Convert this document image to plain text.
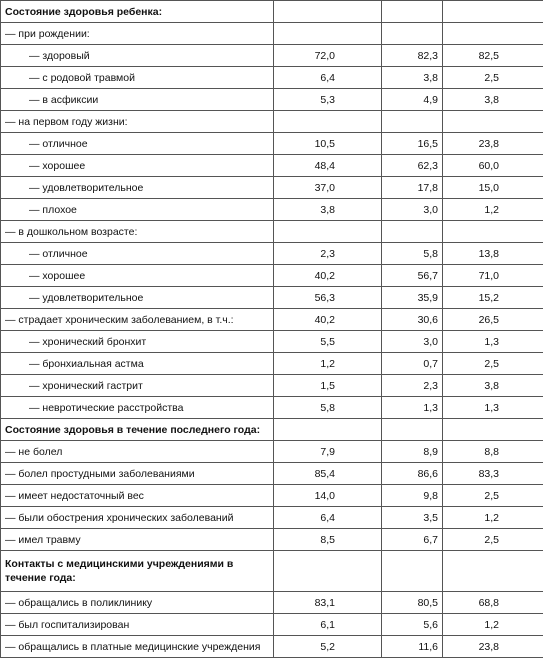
Состояние здоровья ребенка:			
— при рождении:			
— здоровый	72,0	82,3	82,5
— с родовой травмой	6,4	3,8	2,5
— в асфиксии	5,3	4,9	3,8
— на первом году жизни:			
— отличное	10,5	16,5	23,8
— хорошее	48,4	62,3	60,0
— удовлетворительное	37,0	17,8	15,0
— плохое	3,8	3,0	1,2
— в дошкольном возрасте:			
— отличное	2,3	5,8	13,8
— хорошее	40,2	56,7	71,0
— удовлетворительное	56,3	35,9	15,2
— страдает хроническим заболеванием, в т.ч.:	40,2	30,6	26,5
— хронический бронхит	5,5	3,0	1,3
— бронхиальная астма	1,2	0,7	2,5
— хронический гастрит	1,5	2,3	3,8
— невротические расстройства	5,8	1,3	1,3
Состояние здоровья в течение последнего года:			
— не болел	7,9	8,9	8,8
— болел простудными заболеваниями	85,4	86,6	83,3
— имеет недостаточный вес	14,0	9,8	2,5
— были обострения хронических заболеваний	6,4	3,5	1,2
— имел травму	8,5	6,7	2,5
Контакты с медицинскими учреждениями в течение года:			
— обращались в поликлинику	83,1	80,5	68,8
— был госпитализирован	6,1	5,6	1,2
— обращались в платные медицинские учреждения	5,2	11,6	23,8
